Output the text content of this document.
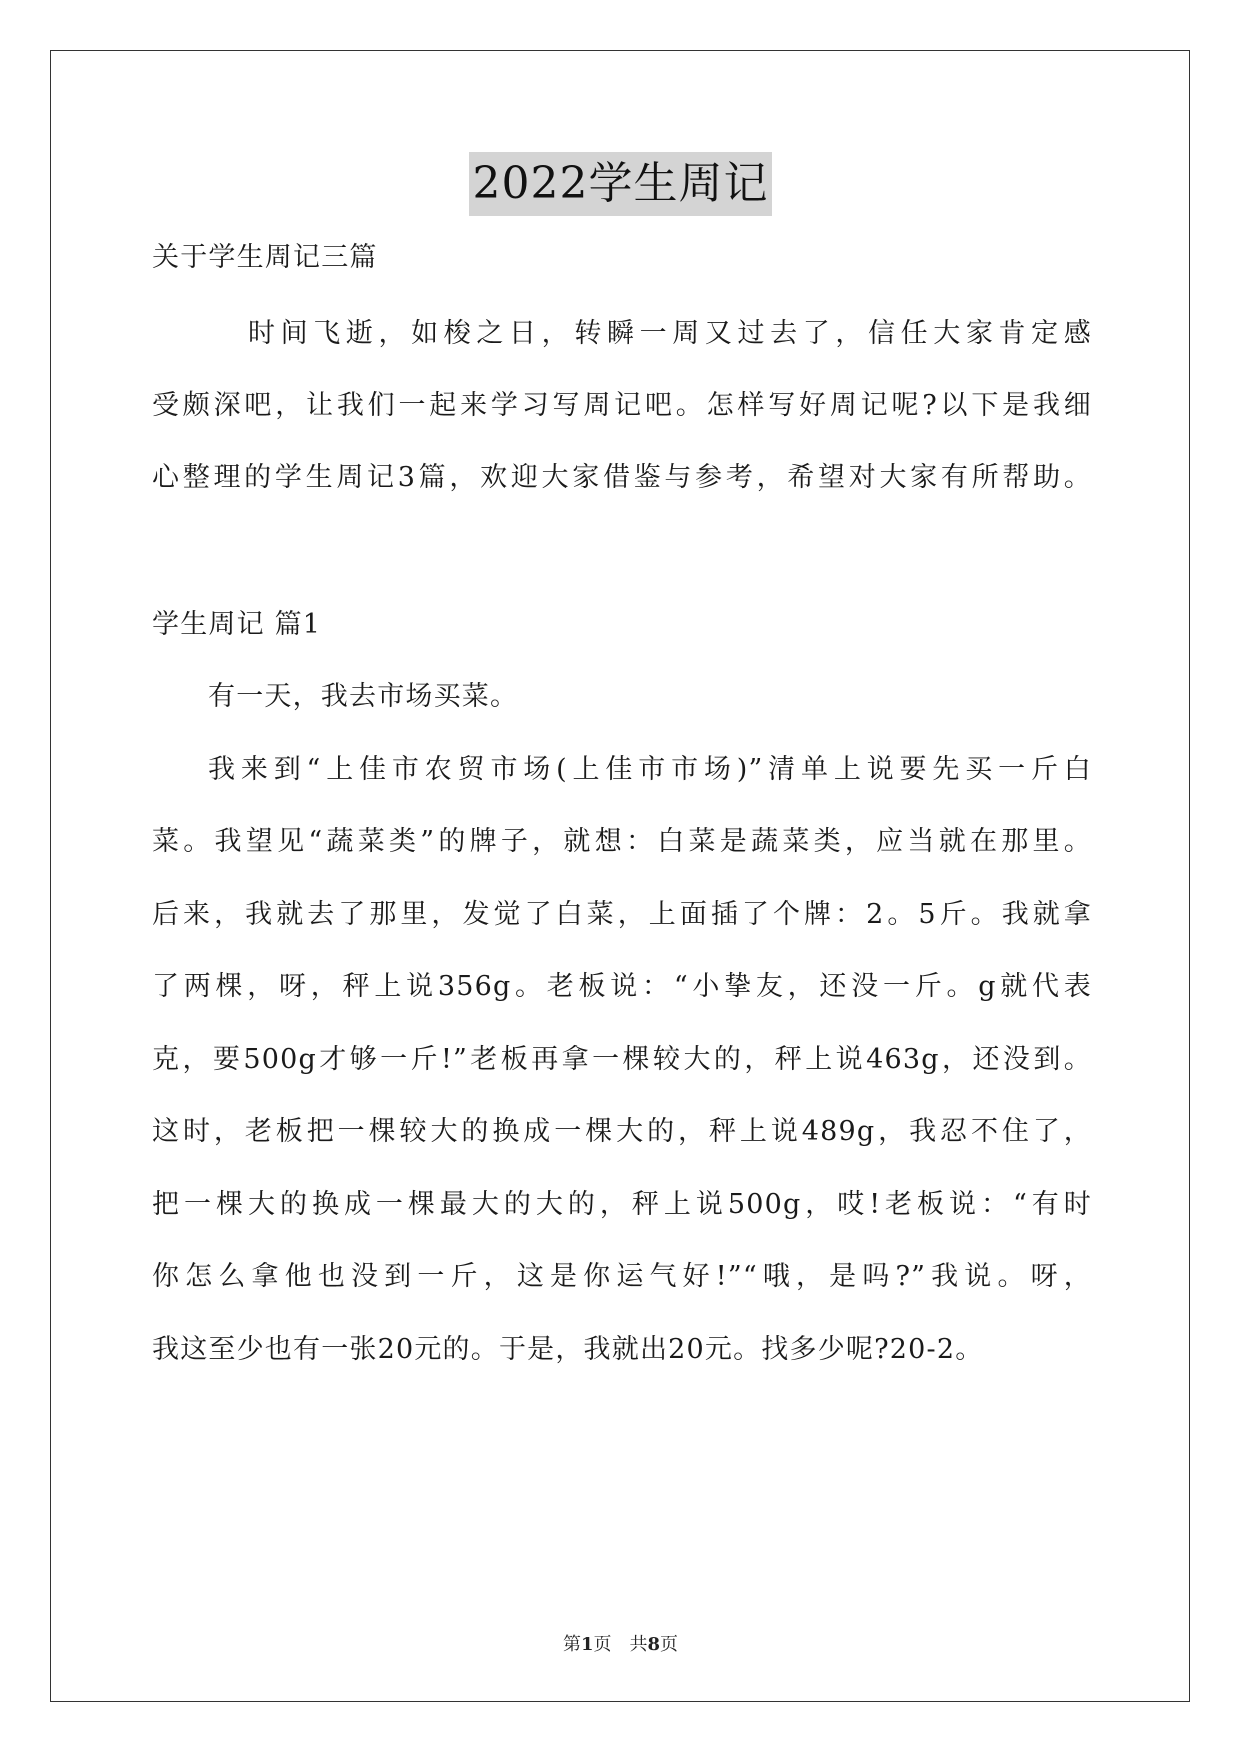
2022学生周记
关于学生周记三篇
时间飞逝，如梭之日，转瞬一周又过去了，信任大家肯定感
受颇深吧，让我们一起来学习写周记吧。怎样写好周记呢?以下是我细
心整理的学生周记3篇，欢迎大家借鉴与参考，希望对大家有所帮助。
学生周记 篇1
有一天，我去市场买菜。
我来到“上佳市农贸市场(上佳市市场)”清单上说要先买一斤白
菜。我望见“蔬菜类”的牌子，就想：白菜是蔬菜类，应当就在那里。
后来，我就去了那里，发觉了白菜，上面插了个牌：2。5斤。我就拿
了两棵，呀，秤上说356g。老板说：“小挚友，还没一斤。g就代表
克，要500g才够一斤!”老板再拿一棵较大的，秤上说463g，还没到。
这时，老板把一棵较大的换成一棵大的，秤上说489g，我忍不住了，
把一棵大的换成一棵最大的大的，秤上说500g，哎!老板说：“有时
你怎么拿他也没到一斤，这是你运气好!”“哦，是吗?”我说。呀，
我这至少也有一张20元的。于是，我就出20元。找多少呢?20-2。
第1页　共8页
